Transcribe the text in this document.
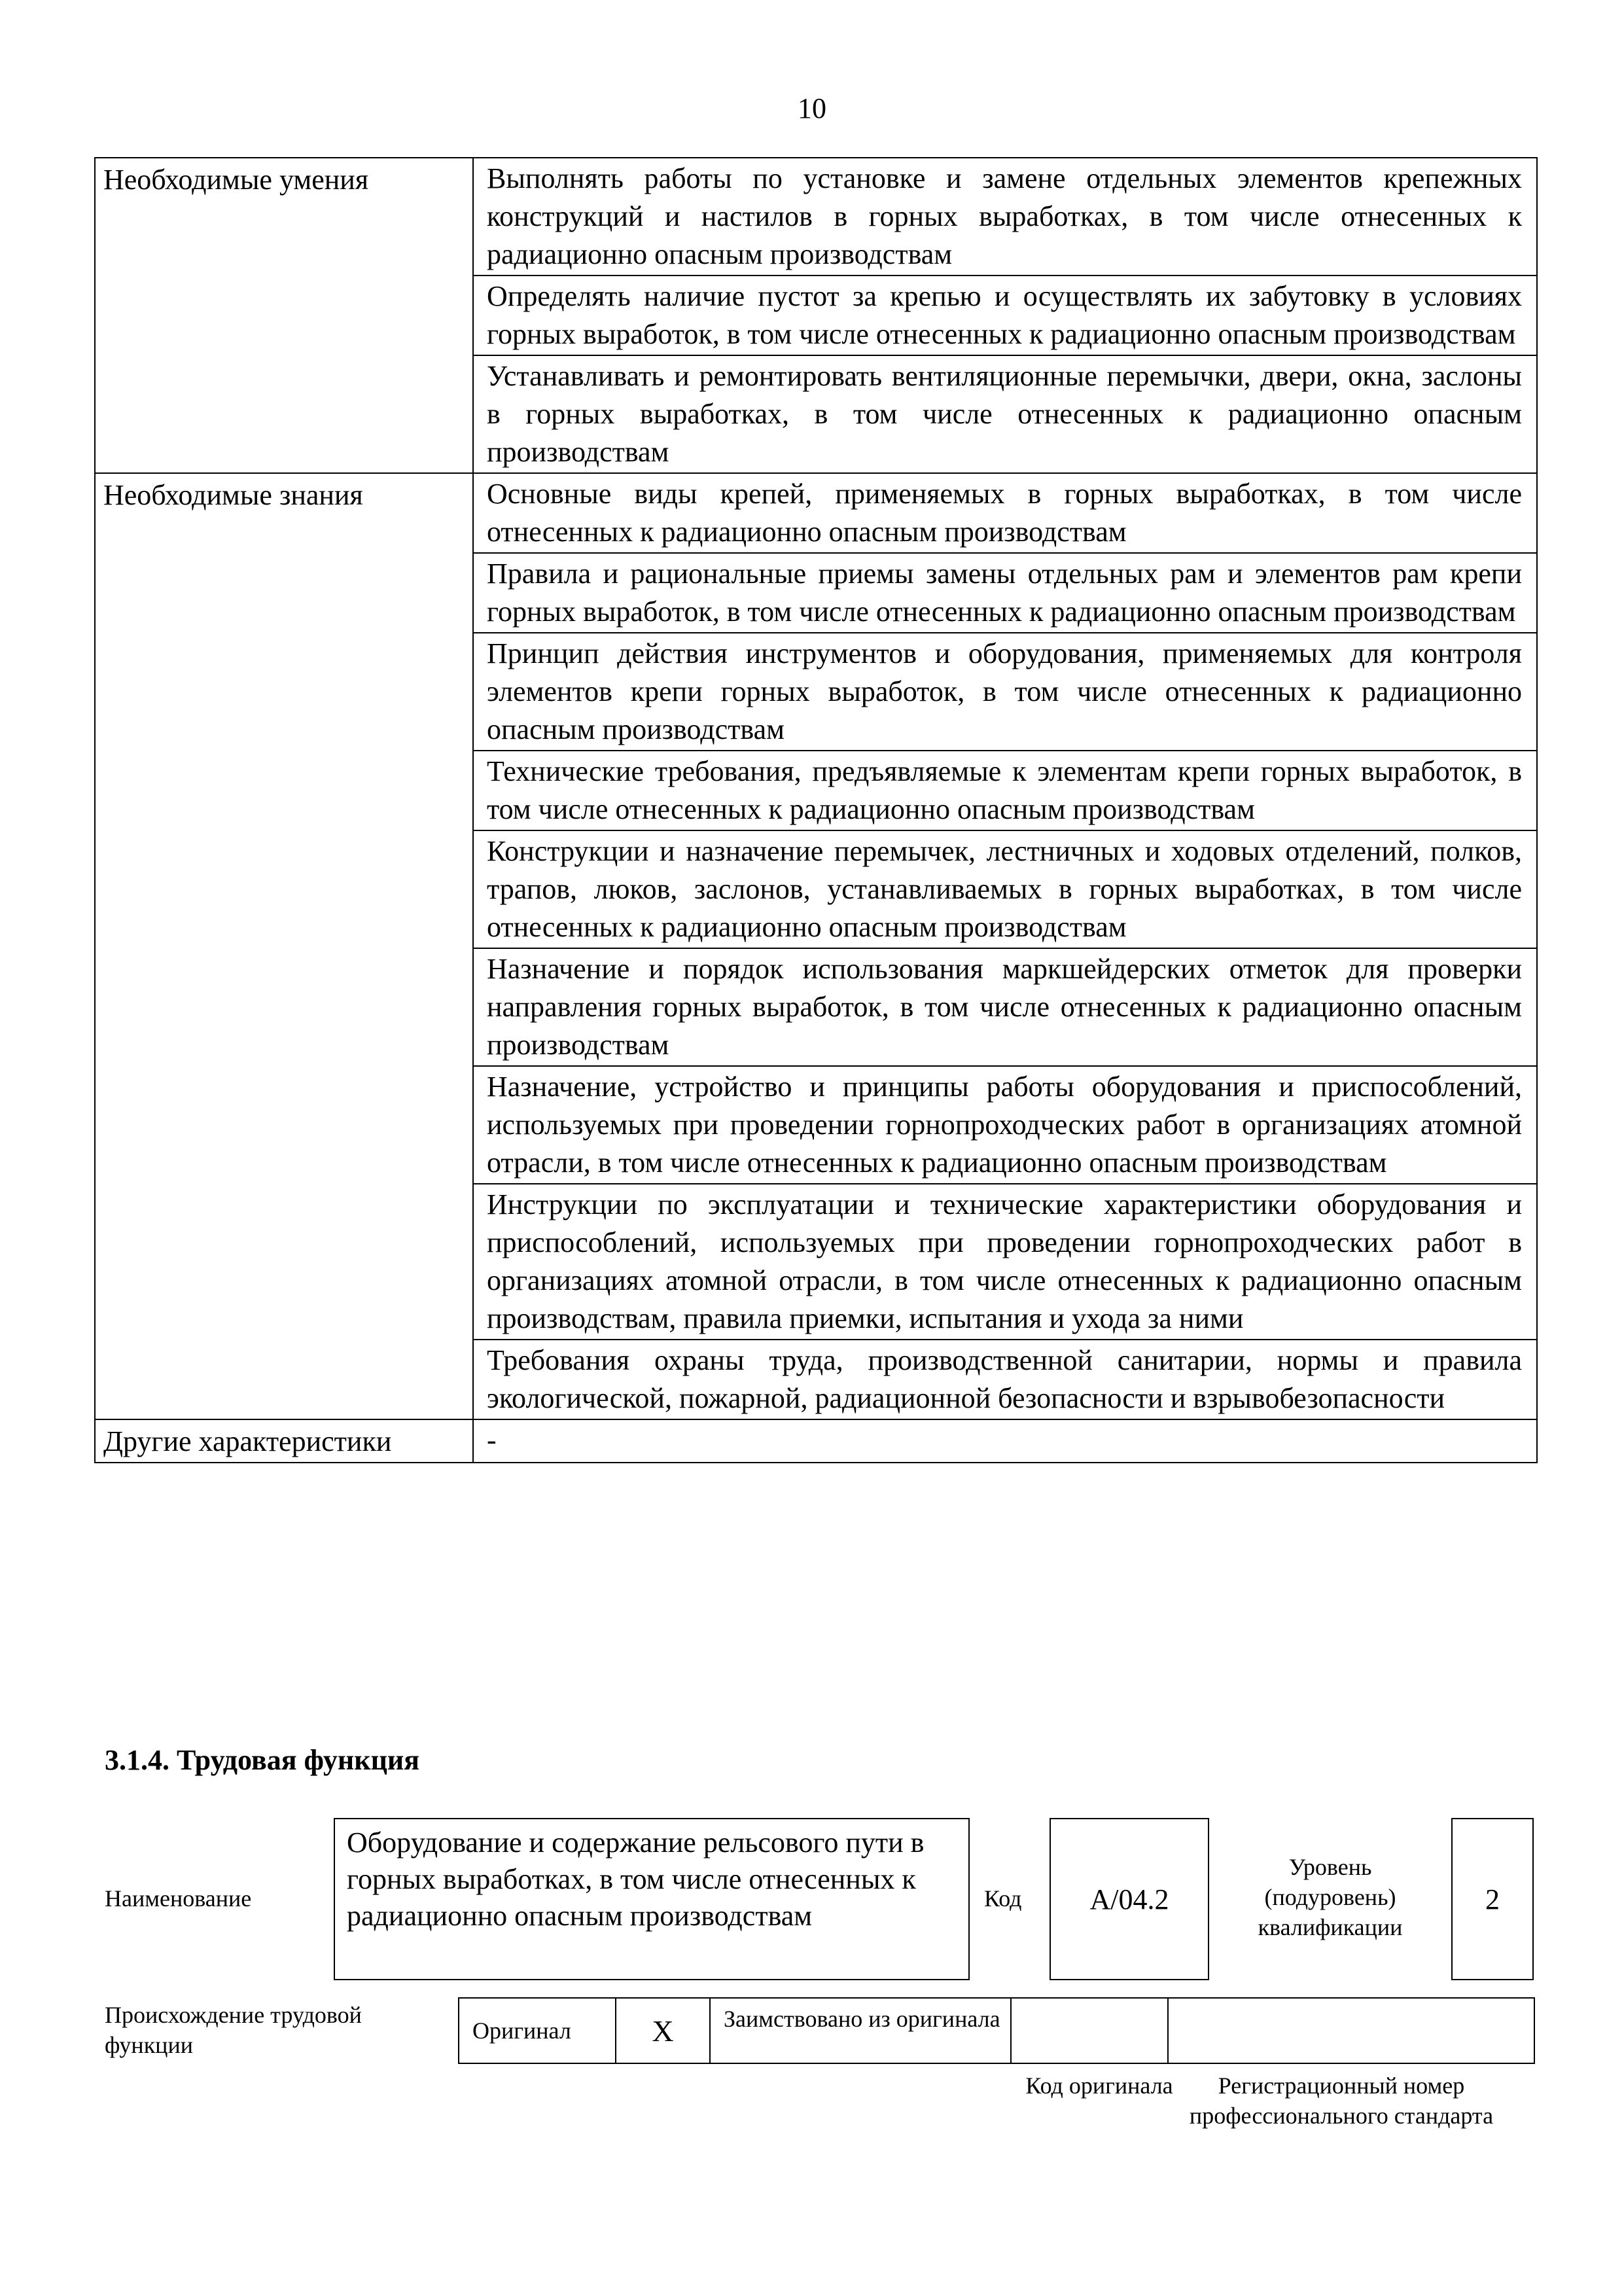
10
Необходимые умения	Выполнять работы по установке и замене отдельных элементов крепежных конструкций и настилов в горных выработках, в том числе отнесенных к радиационно опасным производствам
	Определять наличие пустот за крепью и осуществлять их забутовку в условиях горных выработок, в том числе отнесенных к радиационно опасным производствам
	Устанавливать и ремонтировать вентиляционные перемычки, двери, окна, заслоны в горных выработках, в том числе отнесенных к радиационно опасным производствам
Необходимые знания	Основные виды крепей, применяемых в горных выработках, в том числе отнесенных к радиационно опасным производствам
	Правила и рациональные приемы замены отдельных рам и элементов рам крепи горных выработок, в том числе отнесенных к радиационно опасным производствам
	Принцип действия инструментов и оборудования, применяемых для контроля элементов крепи горных выработок, в том числе отнесенных к радиационно опасным производствам
	Технические требования, предъявляемые к элементам крепи горных выработок, в том числе отнесенных к радиационно опасным производствам
	Конструкции и назначение перемычек, лестничных и ходовых отделений, полков, трапов, люков, заслонов, устанавливаемых в горных выработках, в том числе отнесенных к радиационно опасным производствам
	Назначение и порядок использования маркшейдерских отметок для проверки направления горных выработок, в том числе отнесенных к радиационно опасным производствам
	Назначение, устройство и принципы работы оборудования и приспособлений, используемых при проведении горнопроходческих работ в организациях атомной отрасли, в том числе отнесенных к радиационно опасным производствам
	Инструкции по эксплуатации и технические характеристики оборудования и приспособлений, используемых при проведении горнопроходческих работ в организациях атомной отрасли, в том числе отнесенных к радиационно опасным производствам, правила приемки, испытания и ухода за ними
	Требования охраны труда, производственной санитарии, нормы и правила экологической, пожарной, радиационной безопасности и взрывобезопасности
Другие характеристики	-
3.1.4. Трудовая функция
Наименование
Оборудование и содержание рельсового пути в горных выработках, в том числе отнесенных к радиационно опасным производствам
Код	A/04.2
Уровень (подуровень) квалификации
2
Происхождение трудовой функции
Оригинал	X	Заимствовано из оригинала
Код оригинала	Регистрационный номер профессионального стандарта
